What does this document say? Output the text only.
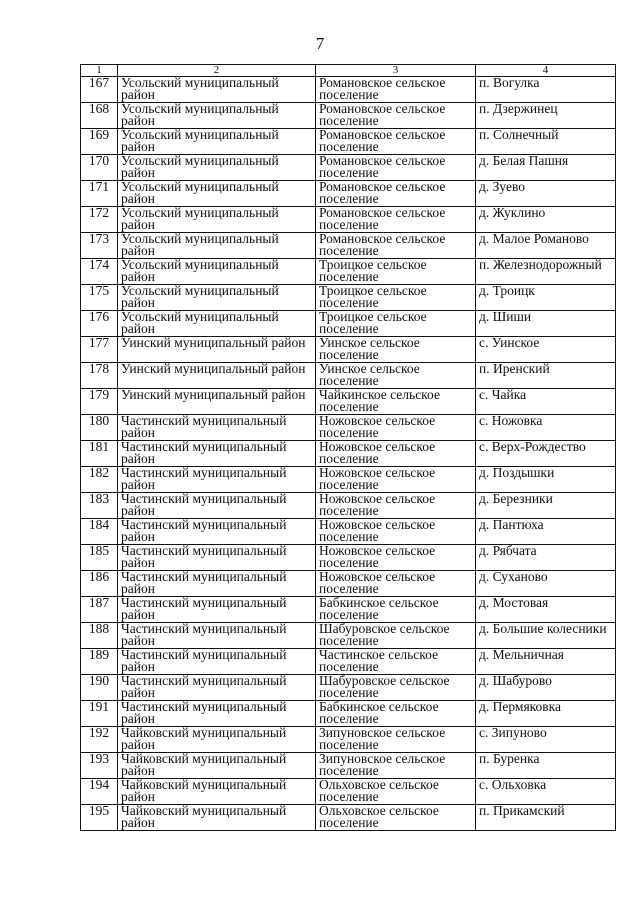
7
1	2	3	4
167	Усольский муниципальный район	Романовское сельское поселение	п. Вогулка
168	Усольский муниципальный район	Романовское сельское поселение	п. Дзержинец
169	Усольский муниципальный район	Романовское сельское поселение	п. Солнечный
170	Усольский муниципальный район	Романовское сельское поселение	д. Белая Пашня
171	Усольский муниципальный район	Романовское сельское поселение	д. Зуево
172	Усольский муниципальный район	Романовское сельское поселение	д. Жуклино
173	Усольский муниципальный район	Романовское сельское поселение	д. Малое Романово
174	Усольский муниципальный район	Троицкое сельское поселение	п. Железнодорожный
175	Усольский муниципальный район	Троицкое сельское поселение	д. Троицк
176	Усольский муниципальный район	Троицкое сельское поселение	д. Шиши
177	Уинский муниципальный район	Уинское сельское поселение	с. Уинское
178	Уинский муниципальный район	Уинское сельское поселение	п. Иренский
179	Уинский муниципальный район	Чайкинское сельское поселение	с. Чайка
180	Частинский муниципальный район	Ножовское сельское поселение	с. Ножовка
181	Частинский муниципальный район	Ножовское сельское поселение	с. Верх-Рождество
182	Частинский муниципальный район	Ножовское сельское поселение	д. Поздышки
183	Частинский муниципальный район	Ножовское сельское поселение	д. Березники
184	Частинский муниципальный район	Ножовское сельское поселение	д. Пантюха
185	Частинский муниципальный район	Ножовское сельское поселение	д. Рябчата
186	Частинский муниципальный район	Ножовское сельское поселение	д. Суханово
187	Частинский муниципальный район	Бабкинское сельское поселение	д. Мостовая
188	Частинский муниципальный район	Шабуровское сельское поселение	д. Большие колесники
189	Частинский муниципальный район	Частинское сельское поселение	д. Мельничная
190	Частинский муниципальный район	Шабуровское сельское поселение	д. Шабурово
191	Частинский муниципальный район	Бабкинское сельское поселение	д. Пермяковка
192	Чайковский муниципальный район	Зипуновское сельское поселение	с. Зипуново
193	Чайковский муниципальный район	Зипуновское сельское поселение	п. Буренка
194	Чайковский муниципальный район	Ольховское сельское поселение	с. Ольховка
195	Чайковский муниципальный район	Ольховское сельское поселение	п. Прикамский
